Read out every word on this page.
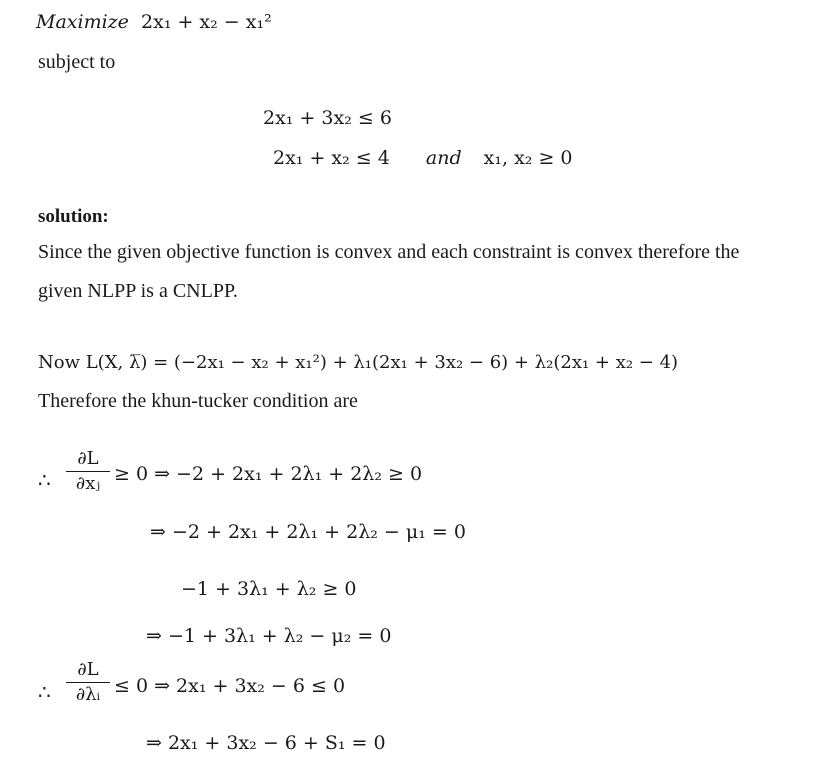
Maximize 2x₁ + x₂ − x₁²
subject to
2x₁ + 3x₂ ≤ 6
2x₁ + x₂ ≤ 4 and x₁, x₂ ≥ 0
solution:
Since the given objective function is convex and each constraint is convex therefore the
given NLPP is a CNLPP.
Now L(X, λ̅) = (−2x₁ − x₂ + x₁²) + λ₁(2x₁ + 3x₂ − 6) + λ₂(2x₁ + x₂ − 4)
Therefore the khun-tucker condition are
∴
∂L
∂xⱼ ≥ 0 ⇒ −2 + 2x₁ + 2λ₁ + 2λ₂ ≥ 0
⇒ −2 + 2x₁ + 2λ₁ + 2λ₂ − μ₁ = 0
−1 + 3λ₁ + λ₂ ≥ 0
⇒ −1 + 3λ₁ + λ₂ − μ₂ = 0
∴
∂L
∂λᵢ ≤ 0 ⇒ 2x₁ + 3x₂ − 6 ≤ 0
⇒ 2x₁ + 3x₂ − 6 + S₁ = 0
